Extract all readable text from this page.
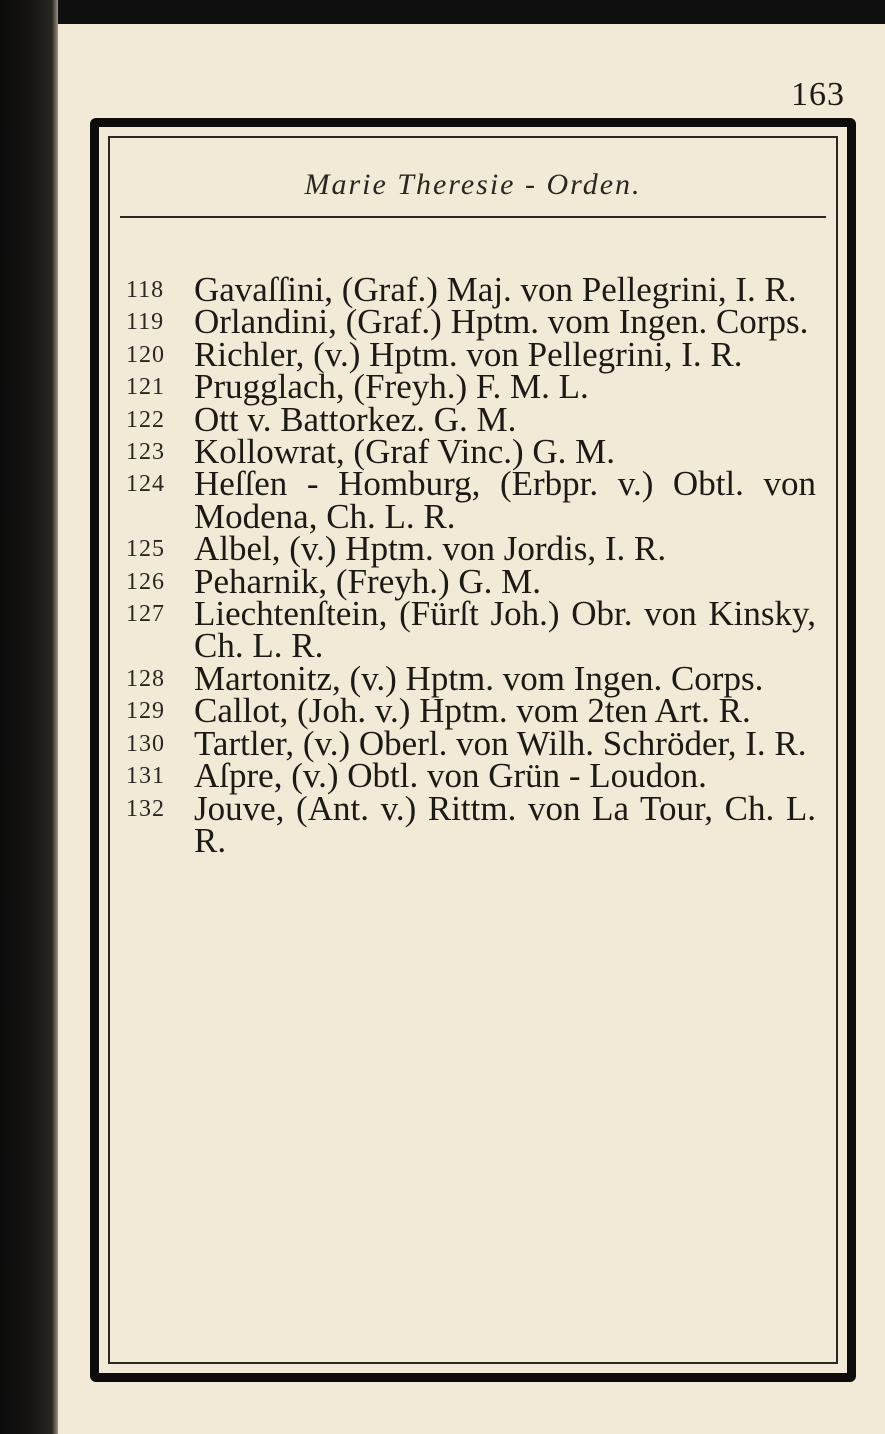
163
Marie Theresie - Orden.
118 Gavaſſini, (Graf.) Maj. von Pellegrini, I. R.
119 Orlandini, (Graf.) Hptm. vom Ingen. Corps.
120 Richler, (v.) Hptm. von Pellegrini, I. R.
121 Prugglach, (Freyh.) F. M. L.
122 Ott v. Battorkez. G. M.
123 Kollowrat, (Graf Vinc.) G. M.
124 Heſſen - Homburg, (Erbpr. v.) Obtl. von Modena, Ch. L. R.
125 Albel, (v.) Hptm. von Jordis, I. R.
126 Peharnik, (Freyh.) G. M.
127 Liechtenſtein, (Fürſt Joh.) Obr. von Kinsky, Ch. L. R.
128 Martonitz, (v.) Hptm. vom Ingen. Corps.
129 Callot, (Joh. v.) Hptm. vom 2ten Art. R.
130 Tartler, (v.) Oberl. von Wilh. Schröder, I. R.
131 Aſpre, (v.) Obtl. von Grün - Loudon.
132 Jouve, (Ant. v.) Rittm. von La Tour, Ch. L. R.
